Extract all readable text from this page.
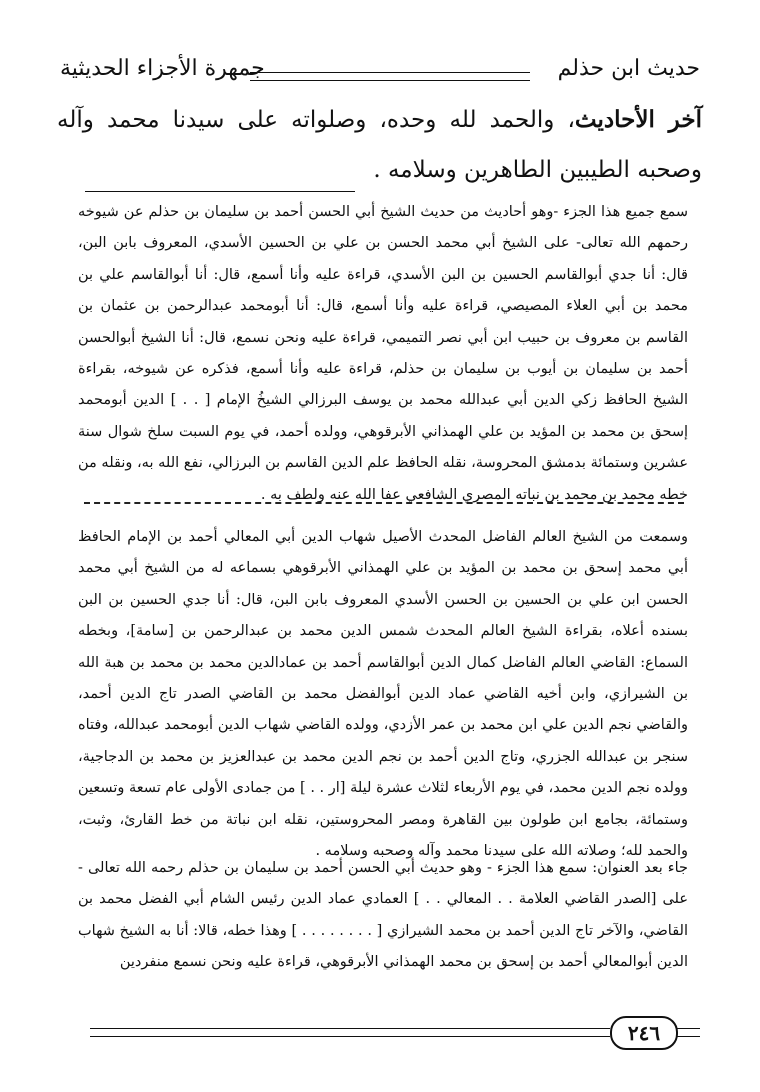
حديث ابن حذلم
جمهرة الأجزاء الحديثية
آخر الأحاديث، والحمد لله وحده، وصلواته على سيدنا محمد وآله وصحبه الطيبين الطاهرين وسلامه .
سمع جميع هذا الجزء -وهو أحاديث من حديث الشيخ أبي الحسن أحمد بن سليمان بن حذلم عن شيوخه رحمهم الله تعالى- على الشيخ أبي محمد الحسن بن علي بن الحسين الأسدي، المعروف بابن البن، قال: أنا جدي أبوالقاسم الحسين بن البن الأسدي، قراءة عليه وأنا أسمع، قال: أنا أبوالقاسم علي بن محمد بن أبي العلاء المصيصي، قراءة عليه وأنا أسمع، قال: أنا أبومحمد عبدالرحمن بن عثمان بن القاسم بن معروف بن حبيب ابن أبي نصر التميمي، قراءة عليه ونحن نسمع، قال: أنا الشيخ أبوالحسن أحمد بن سليمان بن أيوب بن سليمان بن حذلم، قراءة عليه وأنا أسمع، فذكره عن شيوخه، بقراءة الشيخ الحافظ زكي الدين أبي عبدالله محمد بن يوسف البرزالي الشيخُ الإمام [ . . ] الدين أبومحمد إسحق بن محمد بن المؤيد بن علي الهمذاني الأبرقوهي، وولده أحمد، في يوم السبت سلخ شوال سنة عشرين وستمائة بدمشق المحروسة، نقله الحافظ علم الدين القاسم بن البرزالي، نفع الله به، ونقله من خطه محمد بن محمد بن نباته المصري الشافعي عفا الله عنه ولطف به .
وسمعت من الشيخ العالم الفاضل المحدث الأصيل شهاب الدين أبي المعالي أحمد بن الإمام الحافظ أبي محمد إسحق بن محمد بن المؤيد بن علي الهمذاني الأبرقوهي بسماعه له من الشيخ أبي محمد الحسن ابن علي بن الحسين بن الحسن الأسدي المعروف بابن البن، قال: أنا جدي الحسين بن البن بسنده أعلاه، بقراءة الشيخ العالم المحدث شمس الدين محمد بن عبدالرحمن بن [سامة]، وبخطه السماع: القاضي العالم الفاضل كمال الدين أبوالقاسم أحمد بن عمادالدين محمد بن محمد بن هبة الله بن الشيرازي، وابن أخيه القاضي عماد الدين أبوالفضل محمد بن القاضي الصدر تاج الدين أحمد، والقاضي نجم الدين علي ابن محمد بن عمر الأزدي، وولده القاضي شهاب الدين أبومحمد عبدالله، وفتاه سنجر بن عبدالله الجزري، وتاج الدين أحمد بن نجم الدين محمد بن عبدالعزيز بن محمد بن الدجاجية، وولده نجم الدين محمد، في يوم الأربعاء لثلاث عشرة ليلة [ار . . ] من جمادى الأولى عام تسعة وتسعين وستمائة، بجامع ابن طولون بين القاهرة ومصر المحروستين، نقله ابن نباتة من خط القارئ، وثبت، والحمد لله؛ وصلاته الله على سيدنا محمد وآله وصحبه وسلامه .
جاء بعد العنوان: سمع هذا الجزء - وهو حديث أبي الحسن أحمد بن سليمان بن حذلم رحمه الله تعالى - على [الصدر القاضي العلامة . . المعالي . . ] العمادي عماد الدين رئيس الشام أبي الفضل محمد بن القاضي، والآخر تاج الدين أحمد بن محمد الشيرازي [ . . . . . . . . ] وهذا خطه، قالا: أنا به الشيخ شهاب الدين أبوالمعالي أحمد بن إسحق بن محمد الهمذاني الأبرقوهي، قراءة عليه ونحن نسمع منفردين
٢٤٦
